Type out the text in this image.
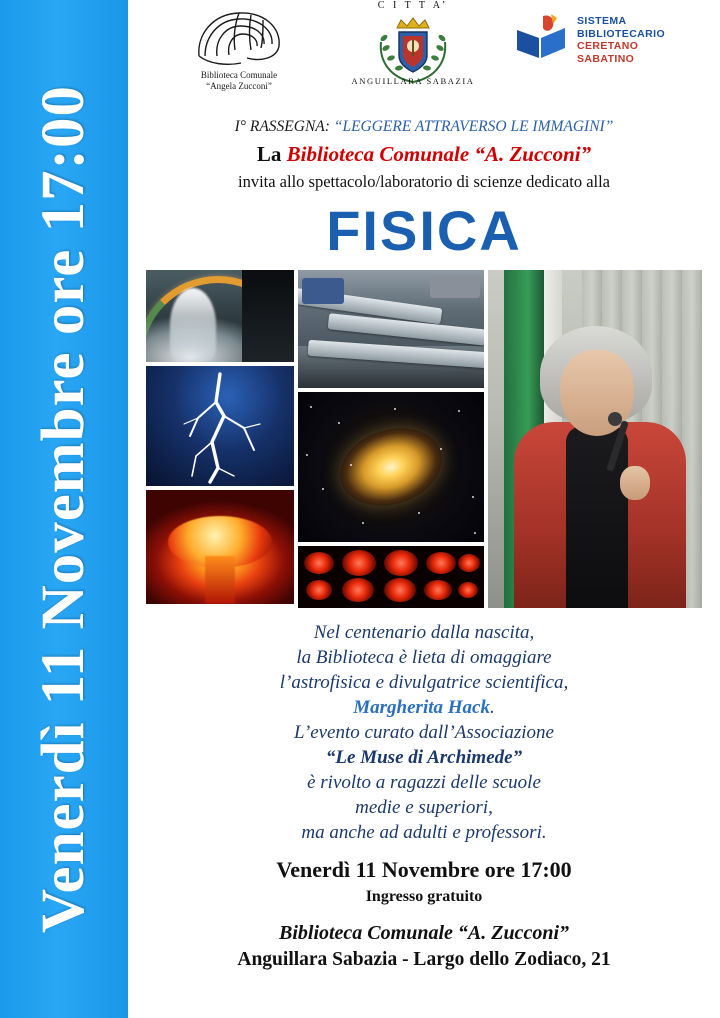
Venerdì 11 Novembre ore 17:00
Biblioteca Comunale
“Angela Zucconi”
C I T T A’
ANGUILLARA SABAZIA
SISTEMA
BIBLIOTECARIO
CERETANO
SABATINO
I° RASSEGNA: “LEGGERE ATTRAVERSO LE IMMAGINI”
La Biblioteca Comunale “A. Zucconi”
invita allo spettacolo/laboratorio di scienze dedicato alla
FISICA
Nel centenario dalla nascita,
la Biblioteca è lieta di omaggiare
l’astrofisica e divulgatrice scientifica,
Margherita Hack.
L’evento curato dall’Associazione
“Le Muse di Archimede”
è rivolto a ragazzi delle scuole
medie e superiori,
ma anche ad adulti e professori.
Venerdì 11 Novembre ore 17:00
Ingresso gratuito
Biblioteca Comunale “A. Zucconi”
Anguillara Sabazia - Largo dello Zodiaco, 21
